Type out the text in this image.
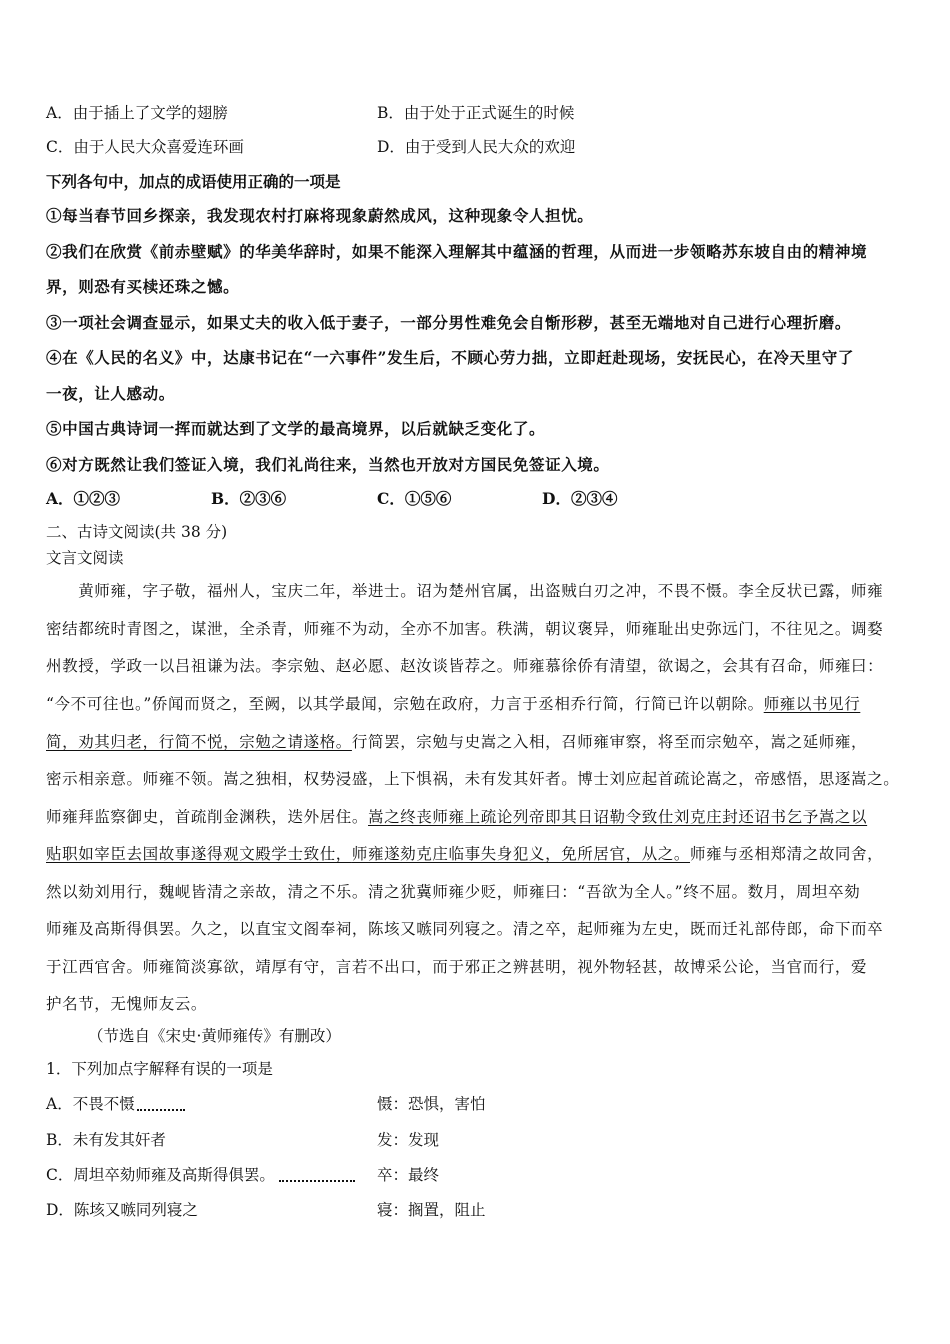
A．由于插上了文学的翅膀	B．由于处于正式诞生的时候
C．由于人民大众喜爱连环画	D．由于受到人民大众的欢迎
下列各句中，加点的成语使用正确的一项是
①每当春节回乡探亲，我发现农村打麻将现象蔚然成风，这种现象令人担忧。
②我们在欣赏《前赤壁赋》的华美华辞时，如果不能深入理解其中蕴涵的哲理，从而进一步领略苏东坡自由的精神境
界，则恐有买椟还珠之憾。
③一项社会调查显示，如果丈夫的收入低于妻子，一部分男性难免会自惭形秽，甚至无端地对自己进行心理折磨。
④在《人民的名义》中，达康书记在“一六事件”发生后，不顾心劳力拙，立即赶赴现场，安抚民心，在冷天里守了
一夜，让人感动。
⑤中国古典诗词一挥而就达到了文学的最高境界，以后就缺乏变化了。
⑥对方既然让我们签证入境，我们礼尚往来，当然也开放对方国民免签证入境。
A．①②③	B．②③⑥	C．①⑤⑥	D．②③④
二、古诗文阅读(共 38 分)
文言文阅读
　　黄师雍，字子敬，福州人，宝庆二年，举进士。诏为楚州官属，出盗贼白刃之冲，不畏不慑。李全反状已露，师雍
密结都统时青图之，谋泄，全杀青，师雍不为动，全亦不加害。秩满，朝议褒异，师雍耻出史弥远门，不往见之。调婺
州教授，学政一以吕祖谦为法。李宗勉、赵必愿、赵汝谈皆荐之。师雍慕徐侨有清望，欲谒之，会其有召命，师雍曰：
“今不可往也。”侨闻而贤之，至阙，以其学最闻，宗勉在政府，力言于丞相乔行简，行简已许以朝除。师雍以书见行
简，劝其归老，行简不悦，宗勉之请遂格。行简罢，宗勉与史嵩之入相，召师雍审察，将至而宗勉卒，嵩之延师雍，
密示相亲意。师雍不领。嵩之独相，权势浸盛，上下惧祸，未有发其奸者。博士刘应起首疏论嵩之，帝感悟，思逐嵩之。
师雍拜监察御史，首疏削金渊秩，迭外居住。嵩之终丧师雍上疏论列帝即其日诏勒令致仕刘克庄封还诏书乞予嵩之以
贴职如宰臣去国故事遂得观文殿学士致仕，师雍遂劾克庄临事失身犯义，免所居官，从之。师雍与丞相郑清之故同舍，
然以劾刘用行，魏岘皆清之亲故，清之不乐。清之犹冀师雍少贬，师雍曰：“吾欲为全人。”终不屈。数月，周坦卒劾
师雍及高斯得俱罢。久之，以直宝文阁奉祠，陈垓又嗾同列寝之。清之卒，起师雍为左史，既而迁礼部侍郎，命下而卒
于江西官舍。师雍简淡寡欲，靖厚有守，言若不出口，而于邪正之辨甚明，视外物轻甚，故博采公论，当官而行，爱
护名节，无愧师友云。
（节选自《宋史·黄师雍传》有删改）
1．下列加点字解释有误的一项是
A．不畏不慑	慑：恐惧，害怕
B．未有发其奸者	发：发现
C．周坦卒劾师雍及高斯得俱罢。	卒：最终
D．陈垓又嗾同列寝之	寝：搁置，阻止
